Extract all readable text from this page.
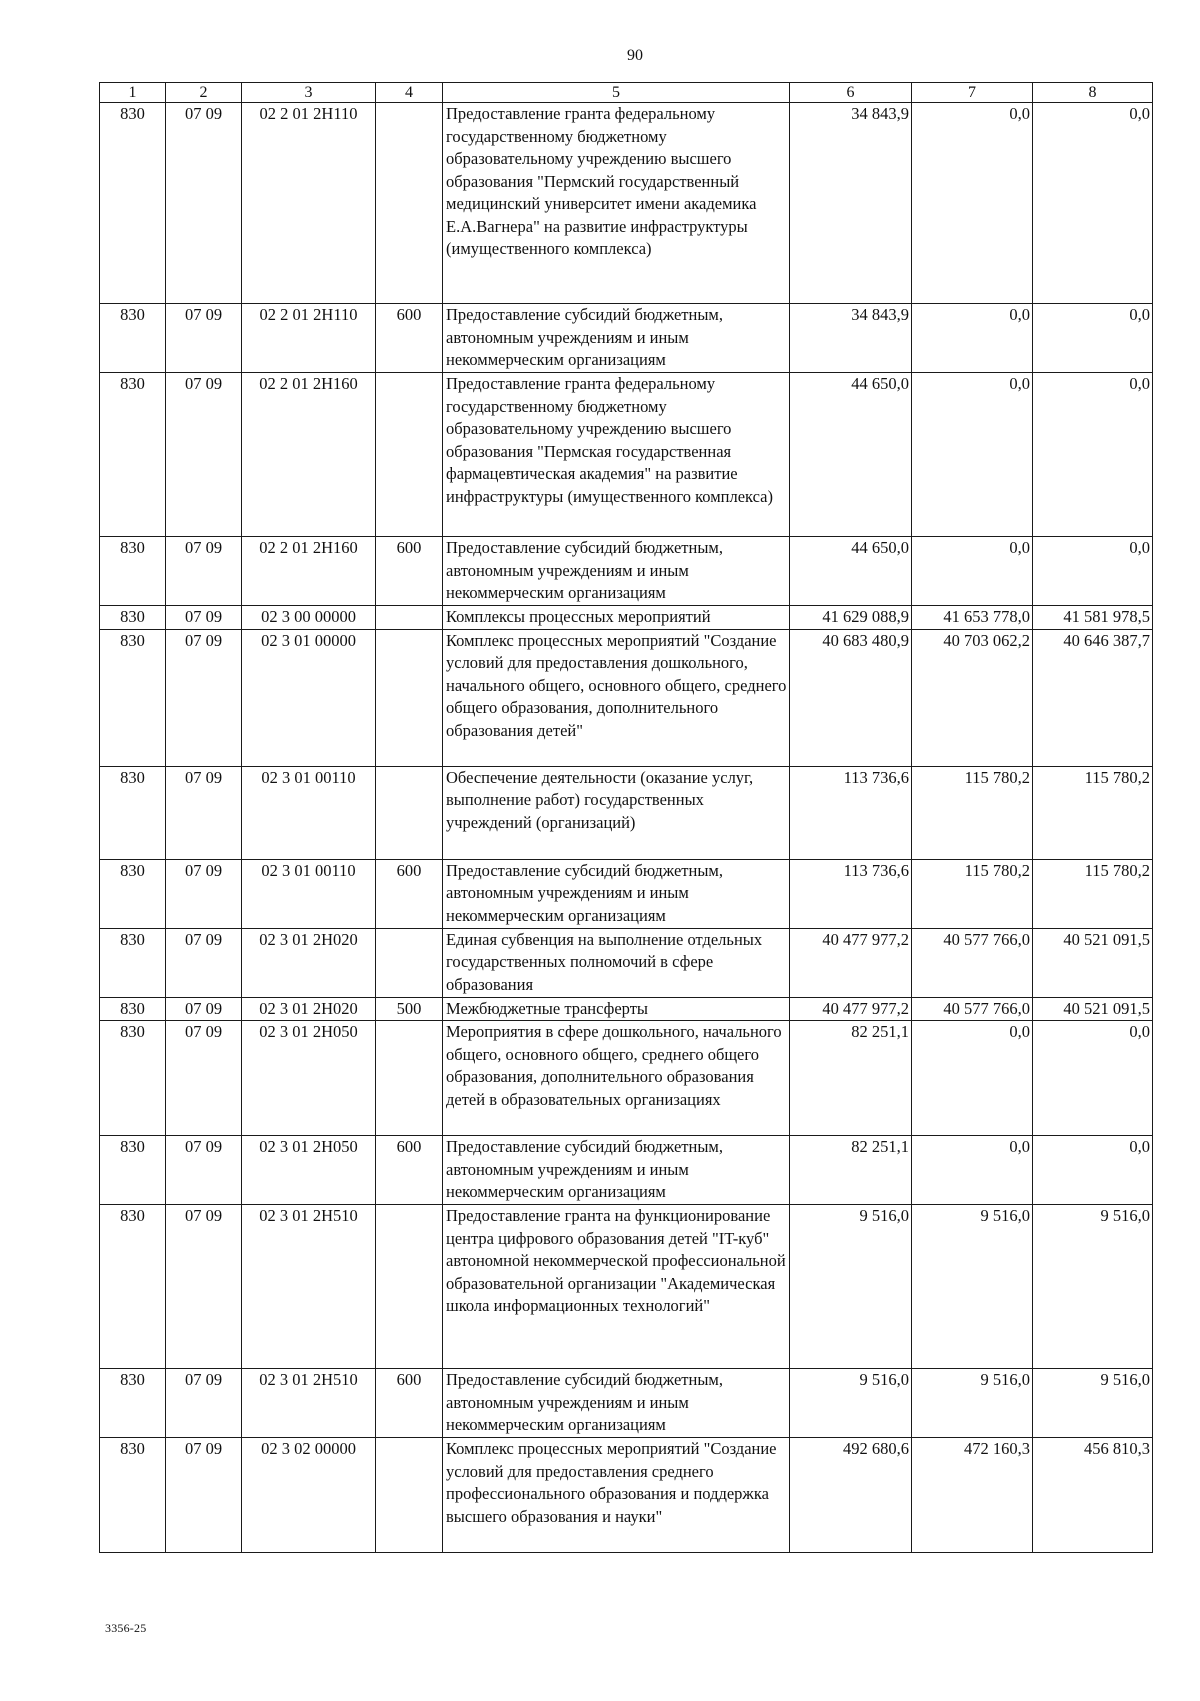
90
1	2	3	4	5	6	7	8
830	07 09	02 2 01 2Н110		Предоставление гранта федеральному государственному бюджетному образовательному учреждению высшего образования "Пермский государственный медицинский университет имени академика Е.А.Вагнера" на развитие инфраструктуры (имущественного комплекса)	34 843,9	0,0	0,0
830	07 09	02 2 01 2Н110	600	Предоставление субсидий бюджетным, автономным учреждениям и иным некоммерческим организациям	34 843,9	0,0	0,0
830	07 09	02 2 01 2Н160		Предоставление гранта федеральному государственному бюджетному образовательному учреждению высшего образования "Пермская государственная фармацевтическая академия" на развитие инфраструктуры (имущественного комплекса)	44 650,0	0,0	0,0
830	07 09	02 2 01 2Н160	600	Предоставление субсидий бюджетным, автономным учреждениям и иным некоммерческим организациям	44 650,0	0,0	0,0
830	07 09	02 3 00 00000		Комплексы процессных мероприятий	41 629 088,9	41 653 778,0	41 581 978,5
830	07 09	02 3 01 00000		Комплекс процессных мероприятий "Создание условий для предоставления дошкольного, начального общего, основного общего, среднего общего образования, дополнительного образования детей"	40 683 480,9	40 703 062,2	40 646 387,7
830	07 09	02 3 01 00110		Обеспечение деятельности (оказание услуг, выполнение работ) государственных учреждений (организаций)	113 736,6	115 780,2	115 780,2
830	07 09	02 3 01 00110	600	Предоставление субсидий бюджетным, автономным учреждениям и иным некоммерческим организациям	113 736,6	115 780,2	115 780,2
830	07 09	02 3 01 2Н020		Единая субвенция на выполнение отдельных государственных полномочий в сфере образования	40 477 977,2	40 577 766,0	40 521 091,5
830	07 09	02 3 01 2Н020	500	Межбюджетные трансферты	40 477 977,2	40 577 766,0	40 521 091,5
830	07 09	02 3 01 2Н050		Мероприятия в сфере дошкольного, начального общего, основного общего, среднего общего образования, дополнительного образования детей в образовательных организациях	82 251,1	0,0	0,0
830	07 09	02 3 01 2Н050	600	Предоставление субсидий бюджетным, автономным учреждениям и иным некоммерческим организациям	82 251,1	0,0	0,0
830	07 09	02 3 01 2Н510		Предоставление гранта на функционирование центра цифрового образования детей "IT-куб" автономной некоммерческой профессиональной образовательной организации "Академическая школа информационных технологий"	9 516,0	9 516,0	9 516,0
830	07 09	02 3 01 2Н510	600	Предоставление субсидий бюджетным, автономным учреждениям и иным некоммерческим организациям	9 516,0	9 516,0	9 516,0
830	07 09	02 3 02 00000		Комплекс процессных мероприятий "Создание условий для предоставления среднего профессионального образования и поддержка высшего образования и науки"	492 680,6	472 160,3	456 810,3
3356-25
